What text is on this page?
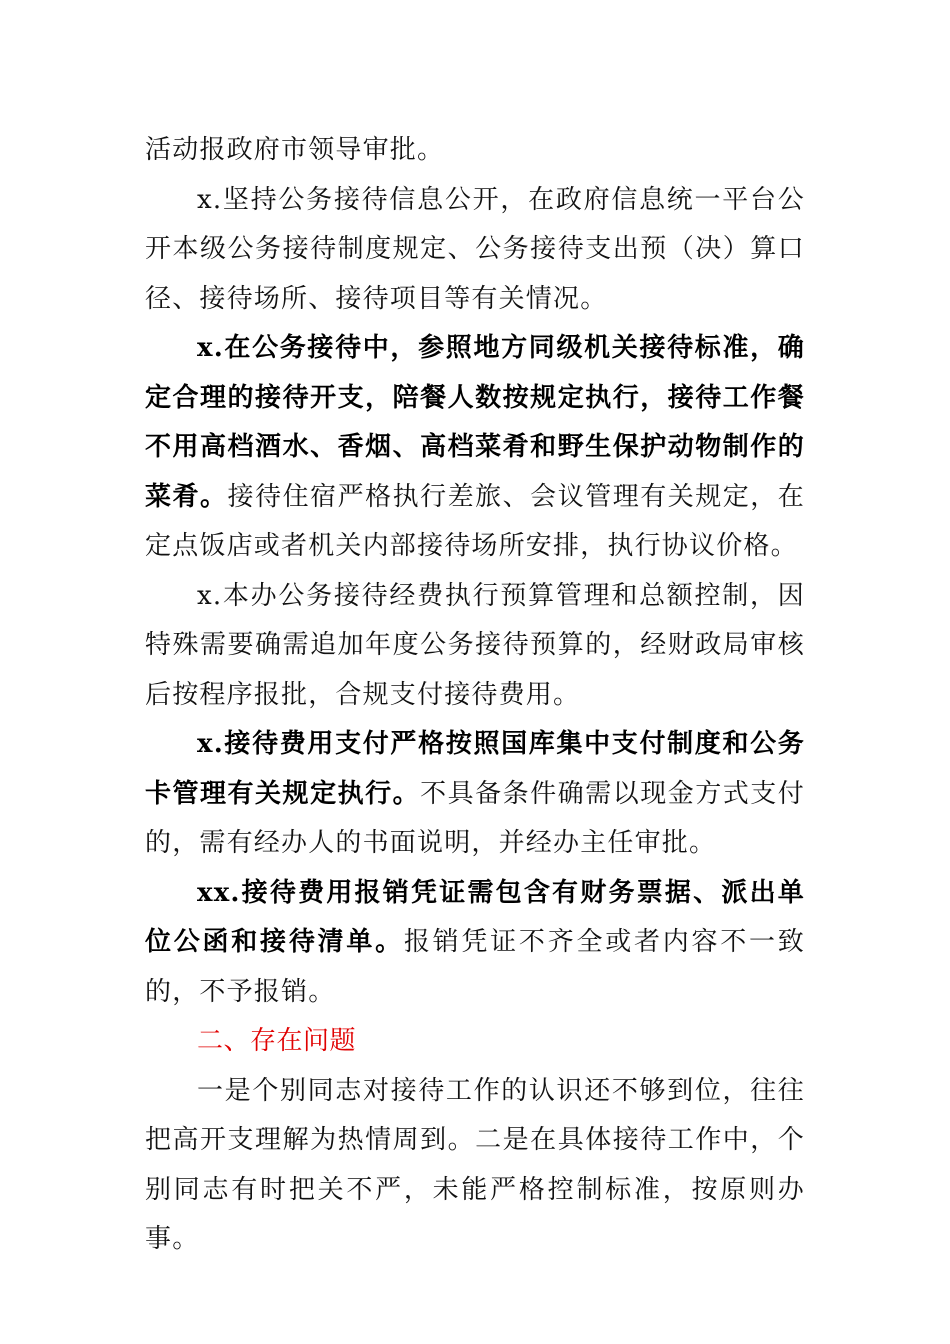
活动报政府市领导审批。

x.坚持公务接待信息公开，在政府信息统一平台公开本级公务接待制度规定、公务接待支出预（决）算口径、接待场所、接待项目等有关情况。

x.在公务接待中，参照地方同级机关接待标准，确定合理的接待开支，陪餐人数按规定执行，接待工作餐不用高档酒水、香烟、高档菜肴和野生保护动物制作的菜肴。接待住宿严格执行差旅、会议管理有关规定，在定点饭店或者机关内部接待场所安排，执行协议价格。

x.本办公务接待经费执行预算管理和总额控制，因特殊需要确需追加年度公务接待预算的，经财政局审核后按程序报批，合规支付接待费用。

x.接待费用支付严格按照国库集中支付制度和公务卡管理有关规定执行。不具备条件确需以现金方式支付的，需有经办人的书面说明，并经办主任审批。

xx.接待费用报销凭证需包含有财务票据、派出单位公函和接待清单。报销凭证不齐全或者内容不一致的，不予报销。

二、存在问题

一是个别同志对接待工作的认识还不够到位，往往把高开支理解为热情周到。二是在具体接待工作中，个别同志有时把关不严，未能严格控制标准，按原则办事。
